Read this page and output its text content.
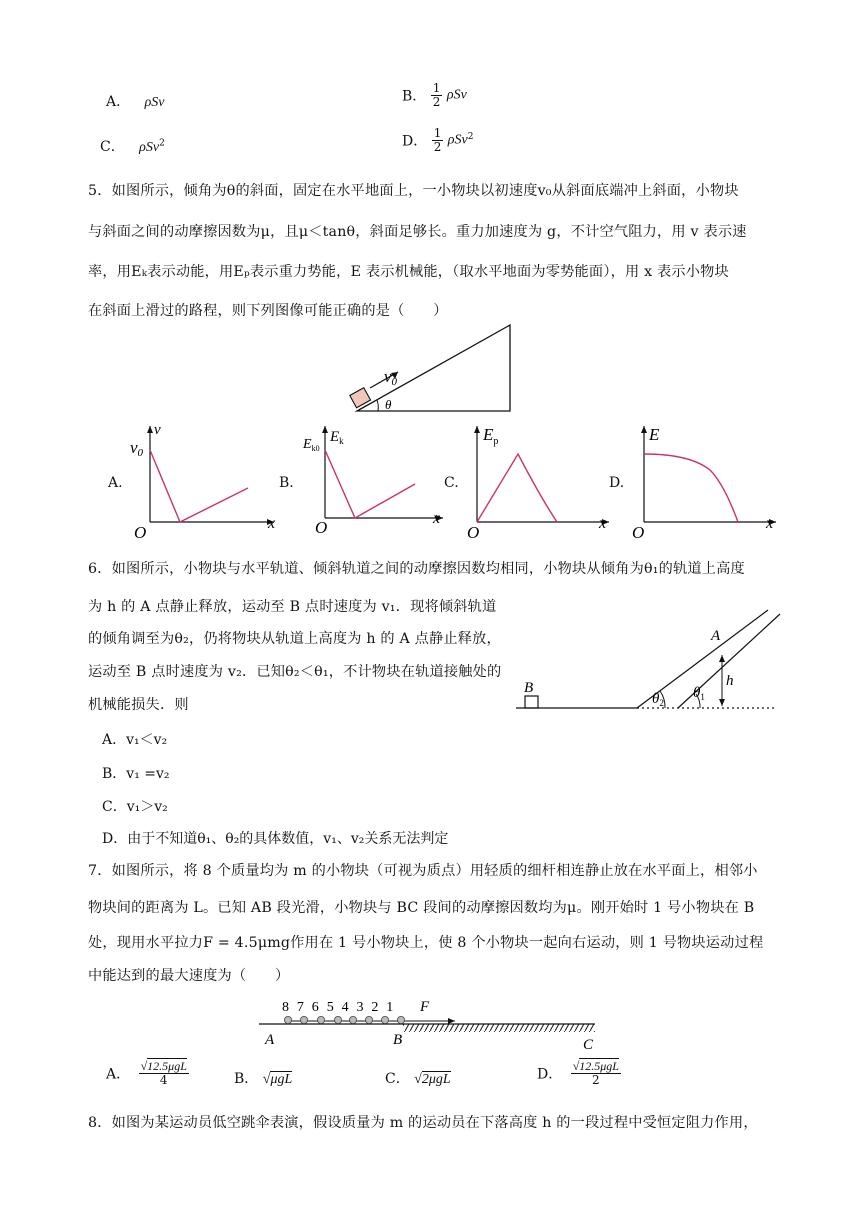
A． ρSv	B． $\frac{1}{2}$ ρSv
C． ρSv$^2$	D． $\frac{1}{2} \rho Sv^2$
5．如图所示，倾角为θ的斜面，固定在水平地面上，一小物块以初速度v₀从斜面底端冲上斜面，小物块
与斜面之间的动摩擦因数为μ，且μ＜tanθ，斜面足够长。重力加速度为 g，不计空气阻力，用 v 表示速
率，用Eₖ表示动能，用Eₚ表示重力势能，E 表示机械能，（取水平地面为零势能面），用 x 表示小物块
在斜面上滑过的路程，则下列图像可能正确的是（　　）
v0
θ
A.
v
v0
x
O
B.
$E_k$
$E_{k0}$
x
O
C.
$E_p$
x
O
D.
E
x
O
6．如图所示，小物块与水平轨道、倾斜轨道之间的动摩擦因数均相同，小物块从倾角为θ₁的轨道上高度
为 h 的 A 点静止释放，运动至 B 点时速度为 v₁．现将倾斜轨道
的倾角调至为θ₂，仍将物块从轨道上高度为 h 的 A 点静止释放，
运动至 B 点时速度为 v₂．已知θ₂＜θ₁，不计物块在轨道接触处的
机械能损失．则
A．v₁＜v₂
B．v₁ =v₂
C．v₁＞v₂
D．由于不知道θ₁、θ₂的具体数值，v₁、v₂关系无法判定
B
A
h
$\theta_2$
$\theta_1$
7．如图所示，将 8 个质量均为 m 的小物块（可视为质点）用轻质的细杆相连静止放在水平面上，相邻小
物块间的距离为 L。已知 AB 段光滑，小物块与 BC 段间的动摩擦因数均为μ。刚开始时 1 号小物块在 B
处，现用水平拉力F = 4.5μmg作用在 1 号小物块上，使 8 个小物块一起向右运动，则 1 号物块运动过程
中能达到的最大速度为（　　）
8 7 6 5 4 3 2 1 F
A	B	C
A． $\frac{\text{√12.5μgL}}{4}$	B． √μgL	C． √2μgL	D． $\frac{\text{√12.5μgL}}{2}$
8．如图为某运动员低空跳伞表演，假设质量为 m 的运动员在下落高度 h 的一段过程中受恒定阻力作用，
